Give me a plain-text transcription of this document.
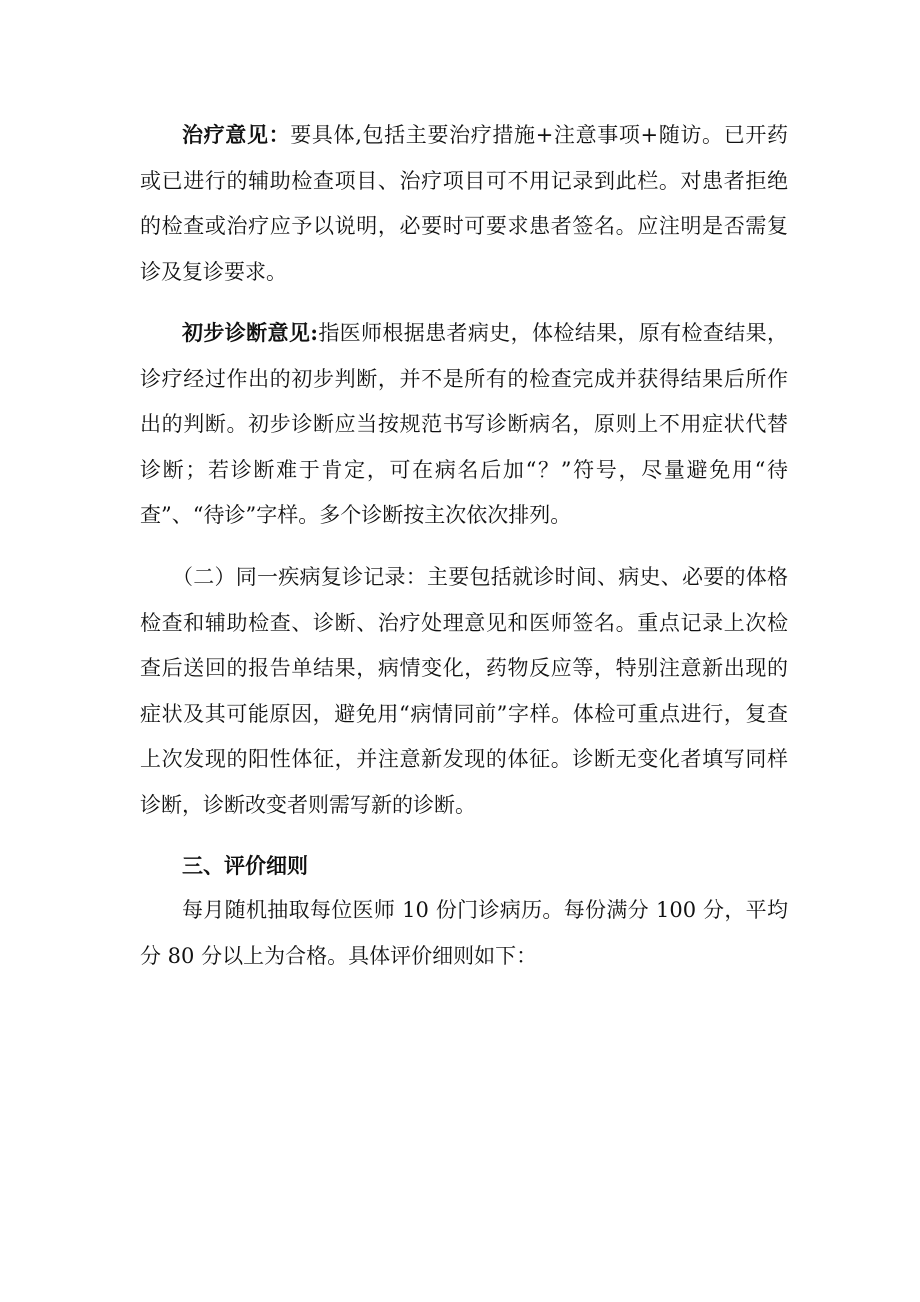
治疗意见：要具体,包括主要治疗措施+注意事项+随访。已开药或已进行的辅助检查项目、治疗项目可不用记录到此栏。对患者拒绝的检查或治疗应予以说明，必要时可要求患者签名。应注明是否需复诊及复诊要求。

初步诊断意见:指医师根据患者病史，体检结果，原有检查结果，诊疗经过作出的初步判断，并不是所有的检查完成并获得结果后所作出的判断。初步诊断应当按规范书写诊断病名，原则上不用症状代替诊断；若诊断难于肯定，可在病名后加“？”符号，尽量避免用“待查”、“待诊”字样。多个诊断按主次依次排列。

（二）同一疾病复诊记录：主要包括就诊时间、病史、必要的体格检查和辅助检查、诊断、治疗处理意见和医师签名。重点记录上次检查后送回的报告单结果，病情变化，药物反应等，特别注意新出现的症状及其可能原因，避免用“病情同前”字样。体检可重点进行，复查上次发现的阳性体征，并注意新发现的体征。诊断无变化者填写同样诊断，诊断改变者则需写新的诊断。

三、评价细则

每月随机抽取每位医师 10 份门诊病历。每份满分 100 分，平均分 80 分以上为合格。具体评价细则如下：
